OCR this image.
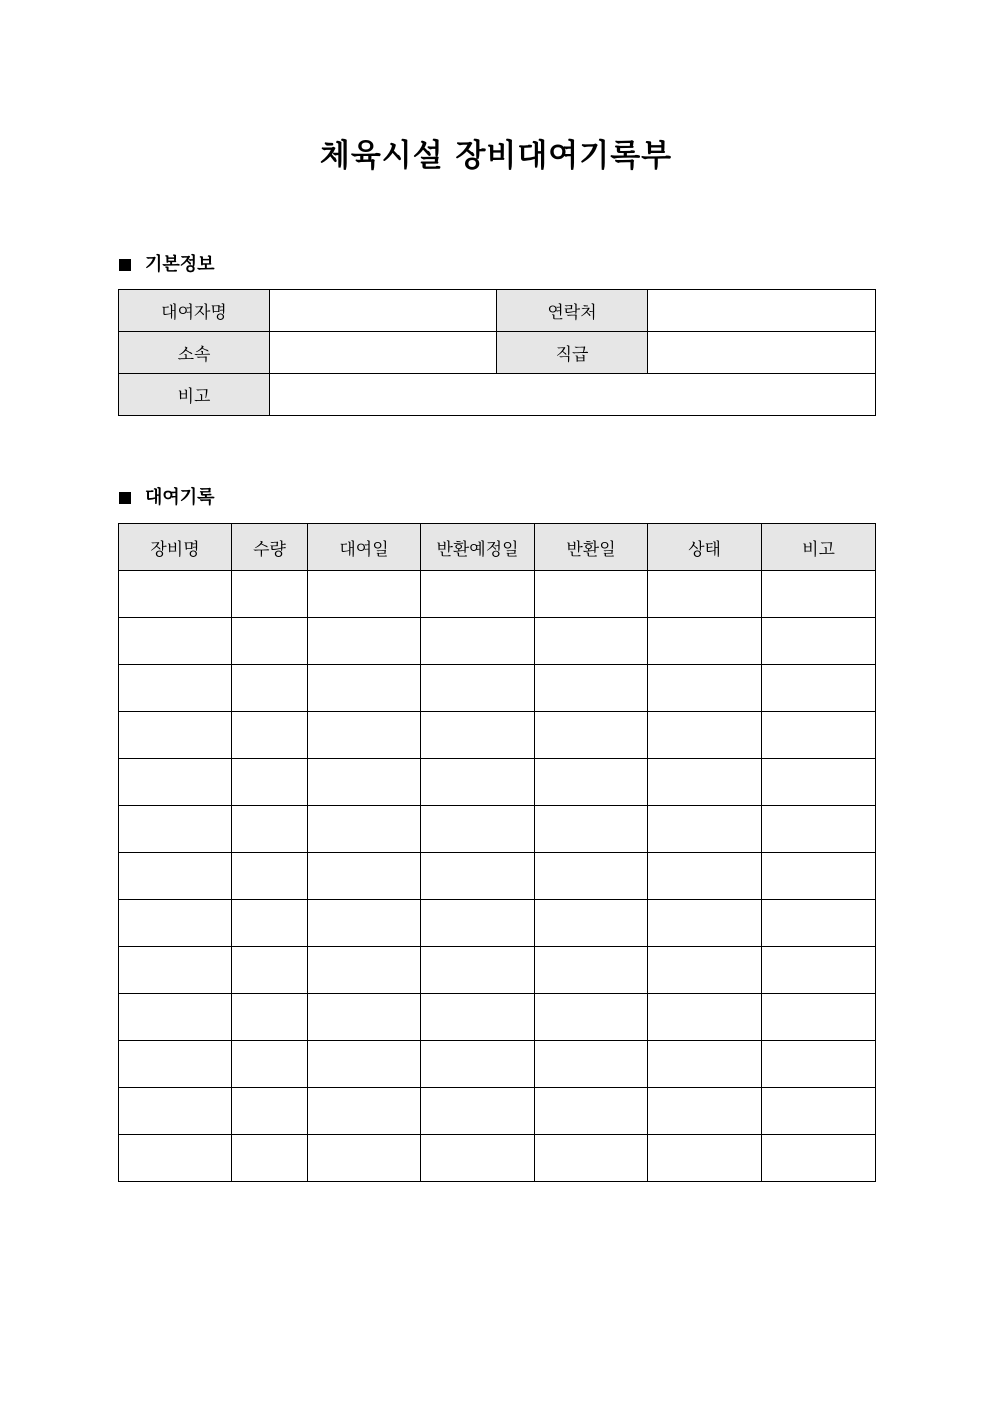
체육시설 장비대여기록부
기본정보
대여자명		연락처	
소속		직급	
비고			
대여기록
장비명	수량	대여일	반환예정일	반환일	상태	비고
